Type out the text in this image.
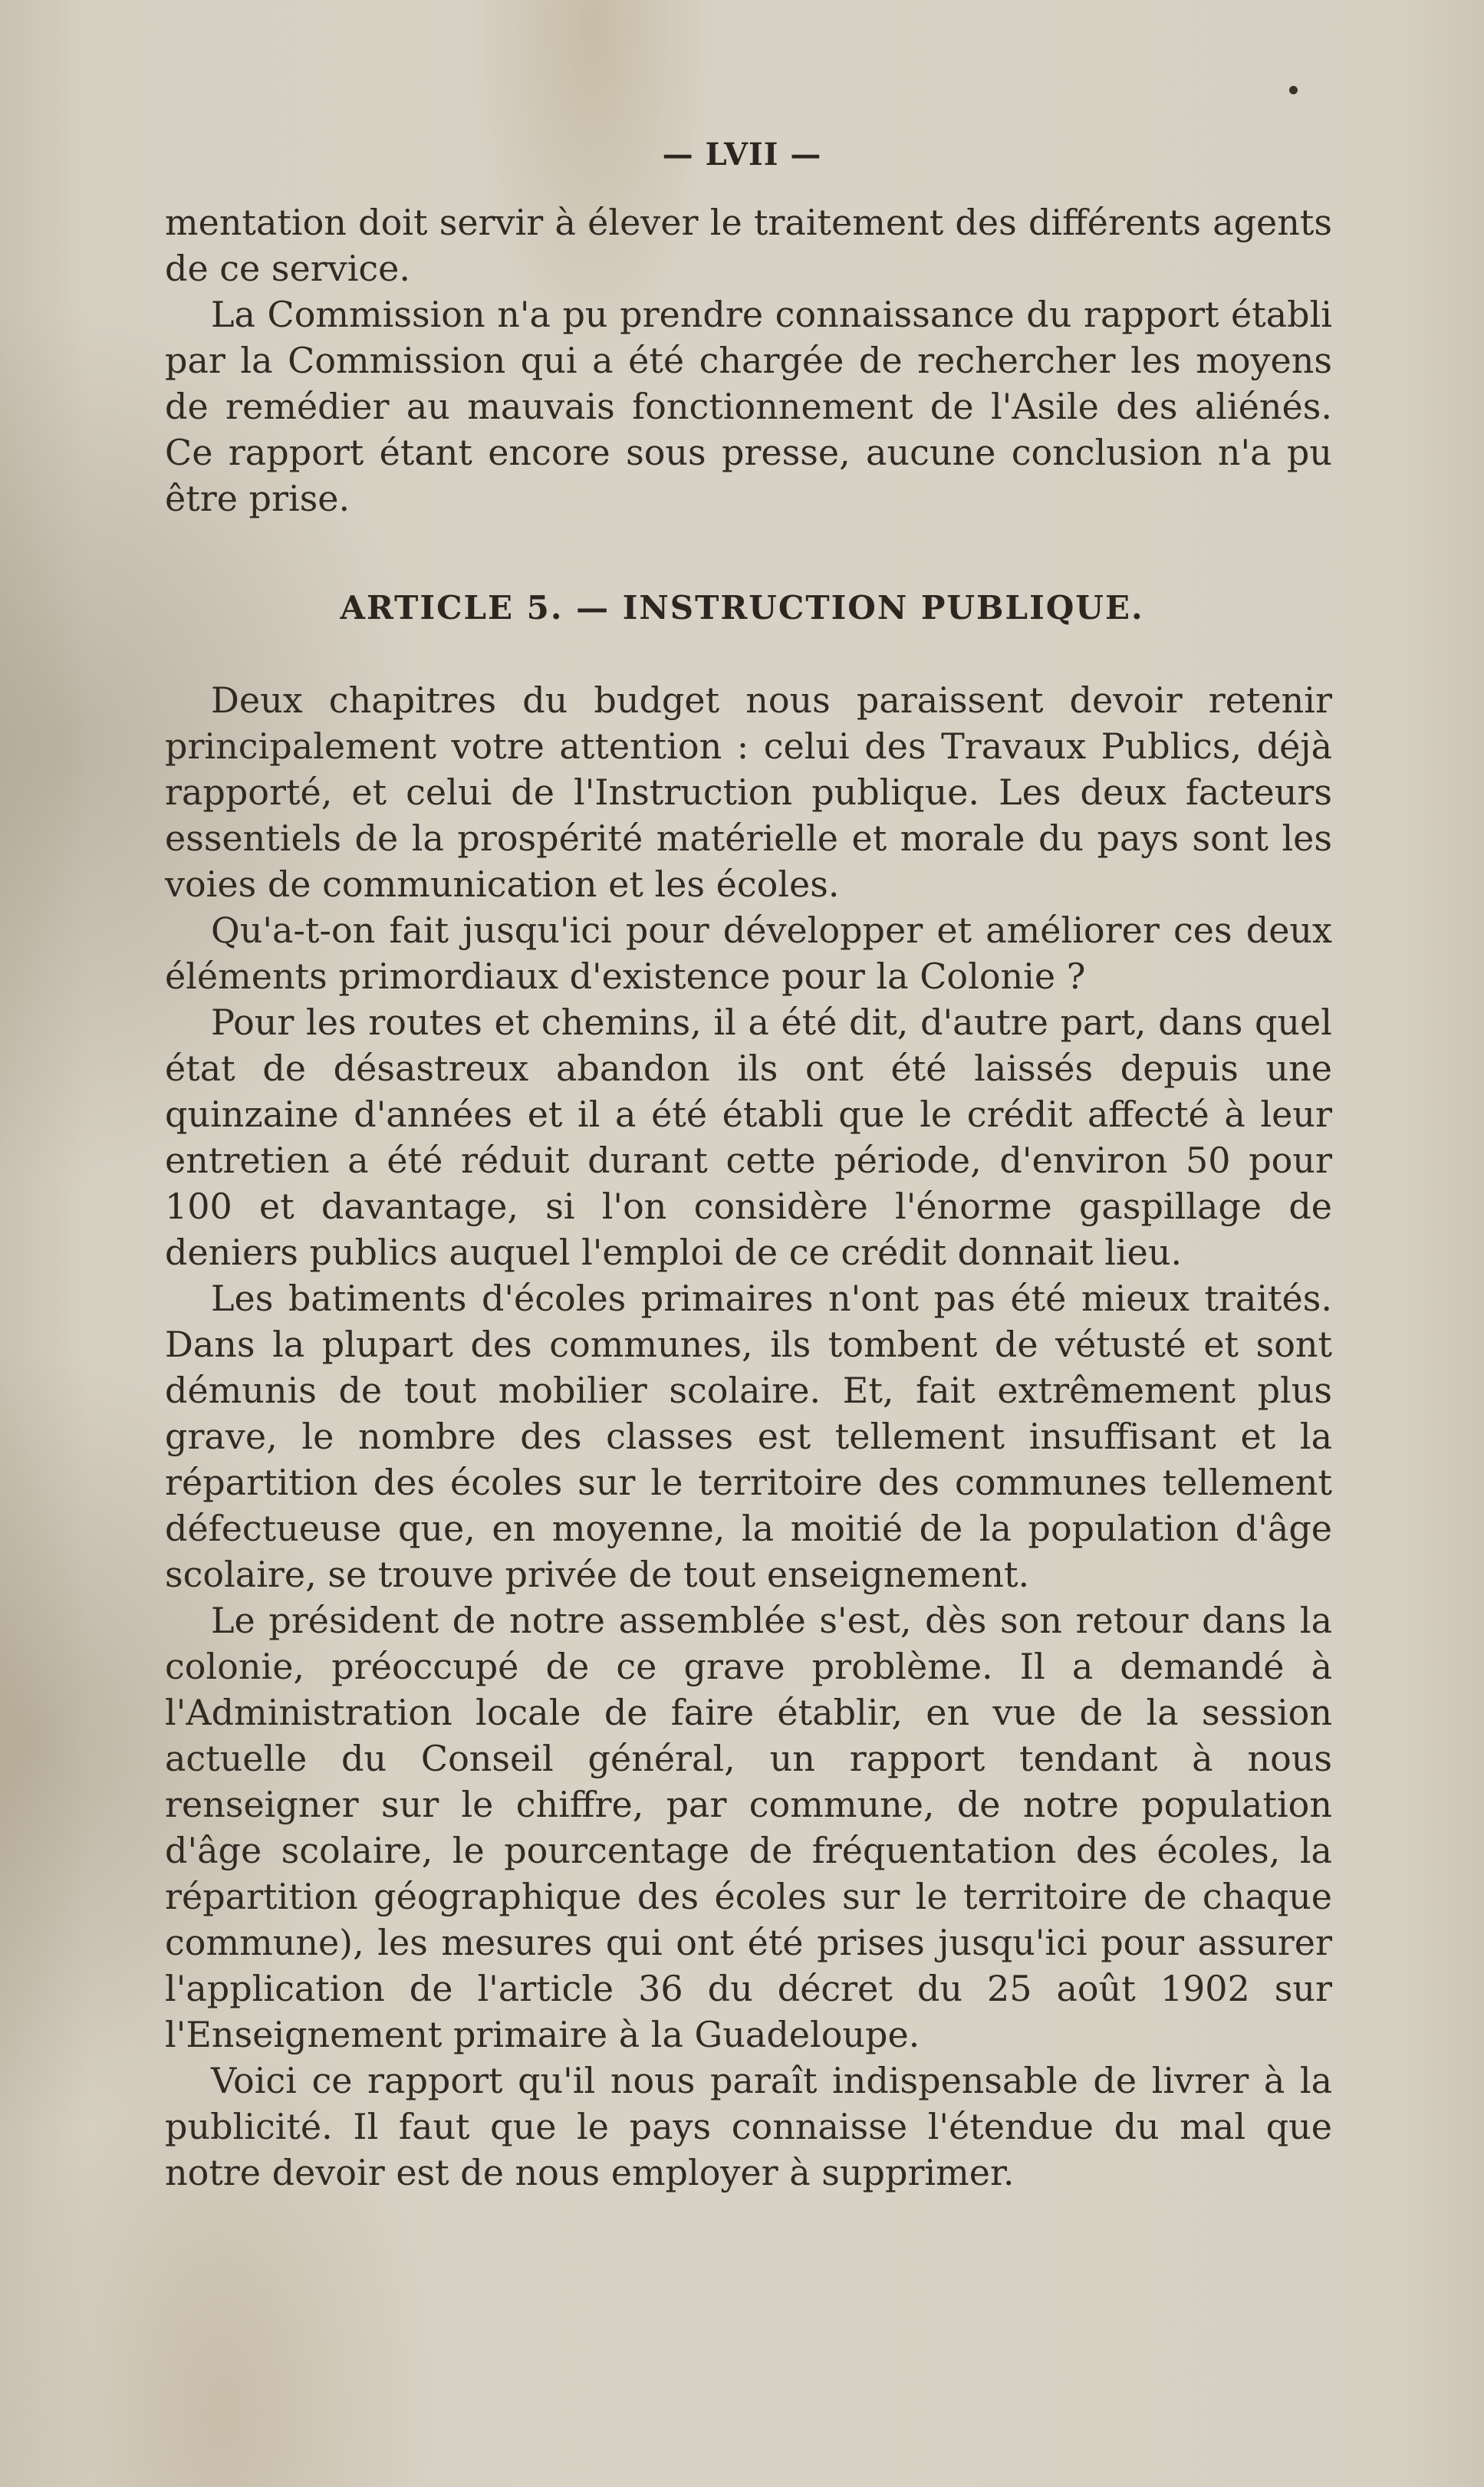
— LVII —

mentation doit servir à élever le traitement des différents agents de ce service.

La Commission n'a pu prendre connaissance du rapport établi par la Commission qui a été chargée de rechercher les moyens de remédier au mauvais fonctionnement de l'Asile des aliénés. Ce rapport étant encore sous presse, aucune conclusion n'a pu être prise.

ARTICLE 5. — INSTRUCTION PUBLIQUE.

Deux chapitres du budget nous paraissent devoir retenir principalement votre attention : celui des Travaux Publics, déjà rapporté, et celui de l'Instruction publique. Les deux facteurs essentiels de la prospérité matérielle et morale du pays sont les voies de communication et les écoles.

Qu'a-t-on fait jusqu'ici pour développer et améliorer ces deux éléments primordiaux d'existence pour la Colonie ?

Pour les routes et chemins, il a été dit, d'autre part, dans quel état de désastreux abandon ils ont été laissés depuis une quinzaine d'années et il a été établi que le crédit affecté à leur entretien a été réduit durant cette période, d'environ 50 pour 100 et davantage, si l'on considère l'énorme gaspillage de deniers publics auquel l'emploi de ce crédit donnait lieu.

Les batiments d'écoles primaires n'ont pas été mieux traités. Dans la plupart des communes, ils tombent de vétusté et sont démunis de tout mobilier scolaire. Et, fait extrêmement plus grave, le nombre des classes est tellement insuffisant et la répartition des écoles sur le territoire des communes tellement défectueuse que, en moyenne, la moitié de la population d'âge scolaire, se trouve privée de tout enseignement.

Le président de notre assemblée s'est, dès son retour dans la colonie, préoccupé de ce grave problème. Il a demandé à l'Administration locale de faire établir, en vue de la session actuelle du Conseil général, un rapport tendant à nous renseigner sur le chiffre, par commune, de notre population d'âge scolaire, le pourcentage de fréquentation des écoles, la répartition géographique des écoles sur le territoire de chaque commune), les mesures qui ont été prises jusqu'ici pour assurer l'application de l'article 36 du décret du 25 août 1902 sur l'Enseignement primaire à la Guadeloupe.

Voici ce rapport qu'il nous paraît indispensable de livrer à la publicité. Il faut que le pays connaisse l'étendue du mal que notre devoir est de nous employer à supprimer.
